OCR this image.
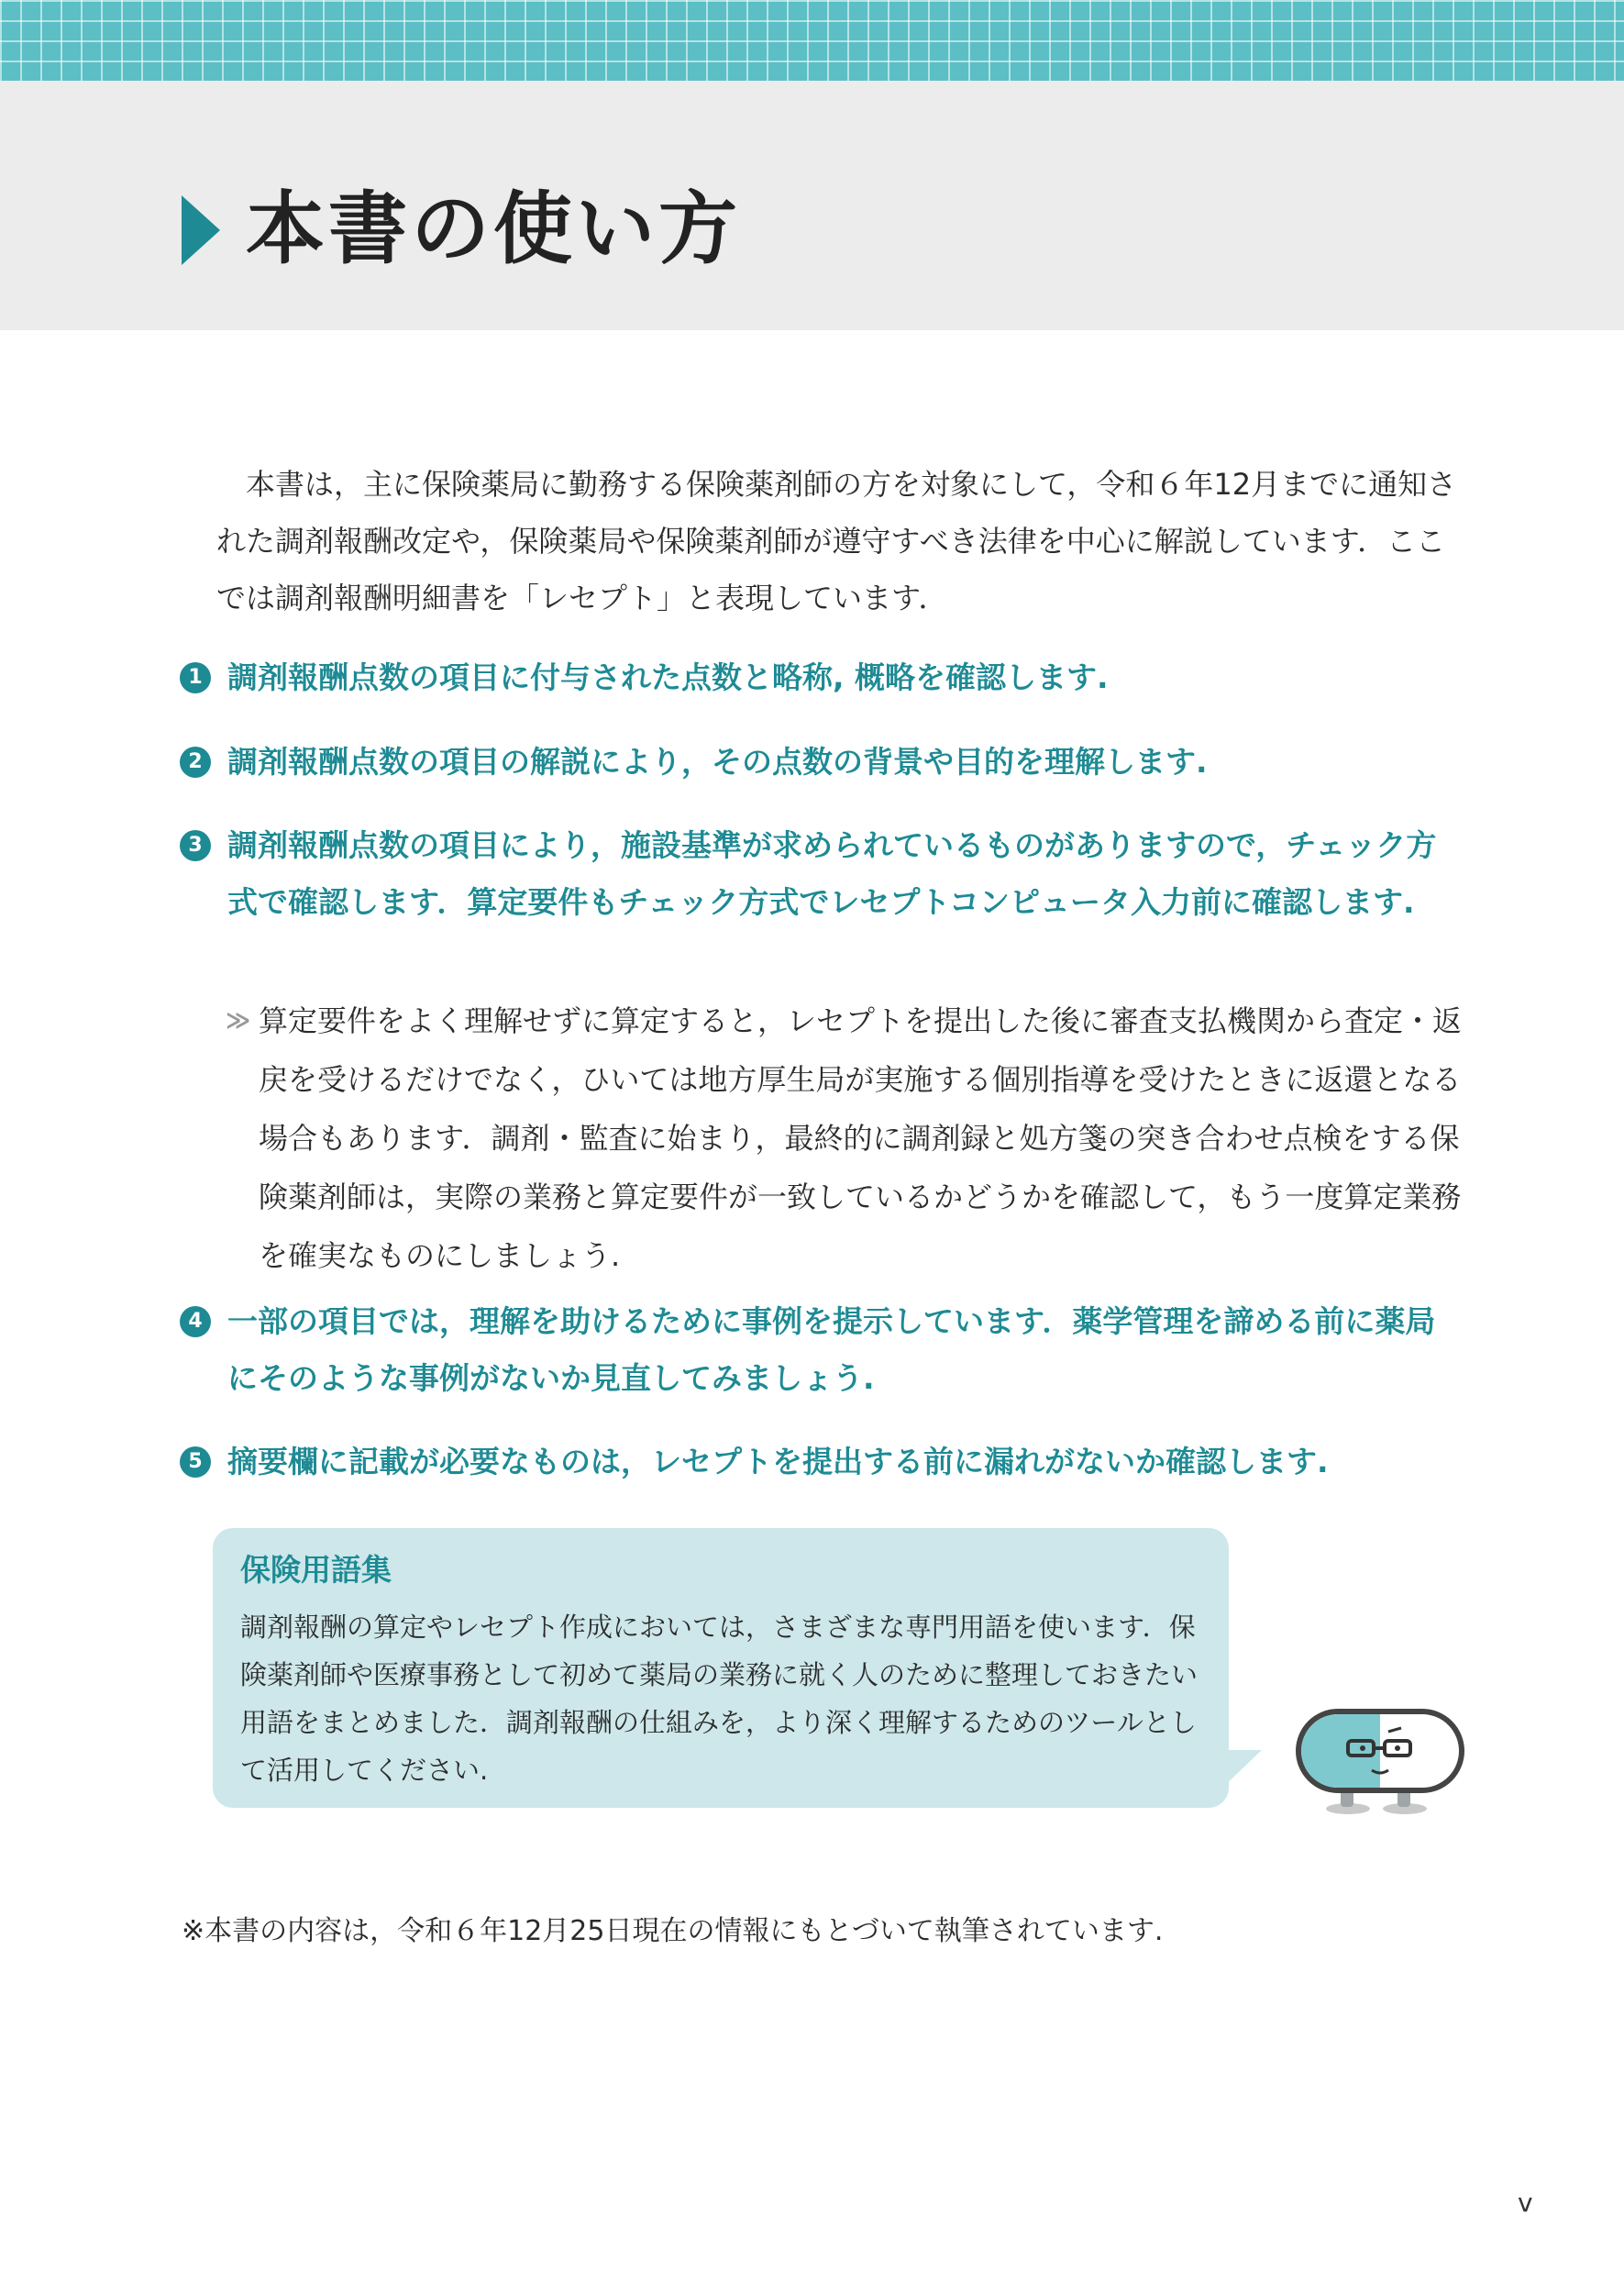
本書の使い方

本書は，主に保険薬局に勤務する保険薬剤師の方を対象にして，令和６年12月までに通知された調剤報酬改定や，保険薬局や保険薬剤師が遵守すべき法律を中心に解説しています．ここでは調剤報酬明細書を「レセプト」と表現しています．

1 調剤報酬点数の項目に付与された点数と略称, 概略を確認します.

2 調剤報酬点数の項目の解説により，その点数の背景や目的を理解します.

3 調剤報酬点数の項目により，施設基準が求められているものがありますので，チェック方式で確認します．算定要件もチェック方式でレセプトコンピュータ入力前に確認します.

≫ 算定要件をよく理解せずに算定すると，レセプトを提出した後に審査支払機関から査定・返戻を受けるだけでなく，ひいては地方厚生局が実施する個別指導を受けたときに返還となる場合もあります．調剤・監査に始まり，最終的に調剤録と処方箋の突き合わせ点検をする保険薬剤師は，実際の業務と算定要件が一致しているかどうかを確認して，もう一度算定業務を確実なものにしましょう.

4 一部の項目では，理解を助けるために事例を提示しています．薬学管理を諦める前に薬局にそのような事例がないか見直してみましょう.

5 摘要欄に記載が必要なものは，レセプトを提出する前に漏れがないか確認します.

保険用語集

調剤報酬の算定やレセプト作成においては，さまざまな専門用語を使います．保険薬剤師や医療事務として初めて薬局の業務に就く人のために整理しておきたい用語をまとめました．調剤報酬の仕組みを，より深く理解するためのツールとして活用してください.

※本書の内容は，令和６年12月25日現在の情報にもとづいて執筆されています.

v
